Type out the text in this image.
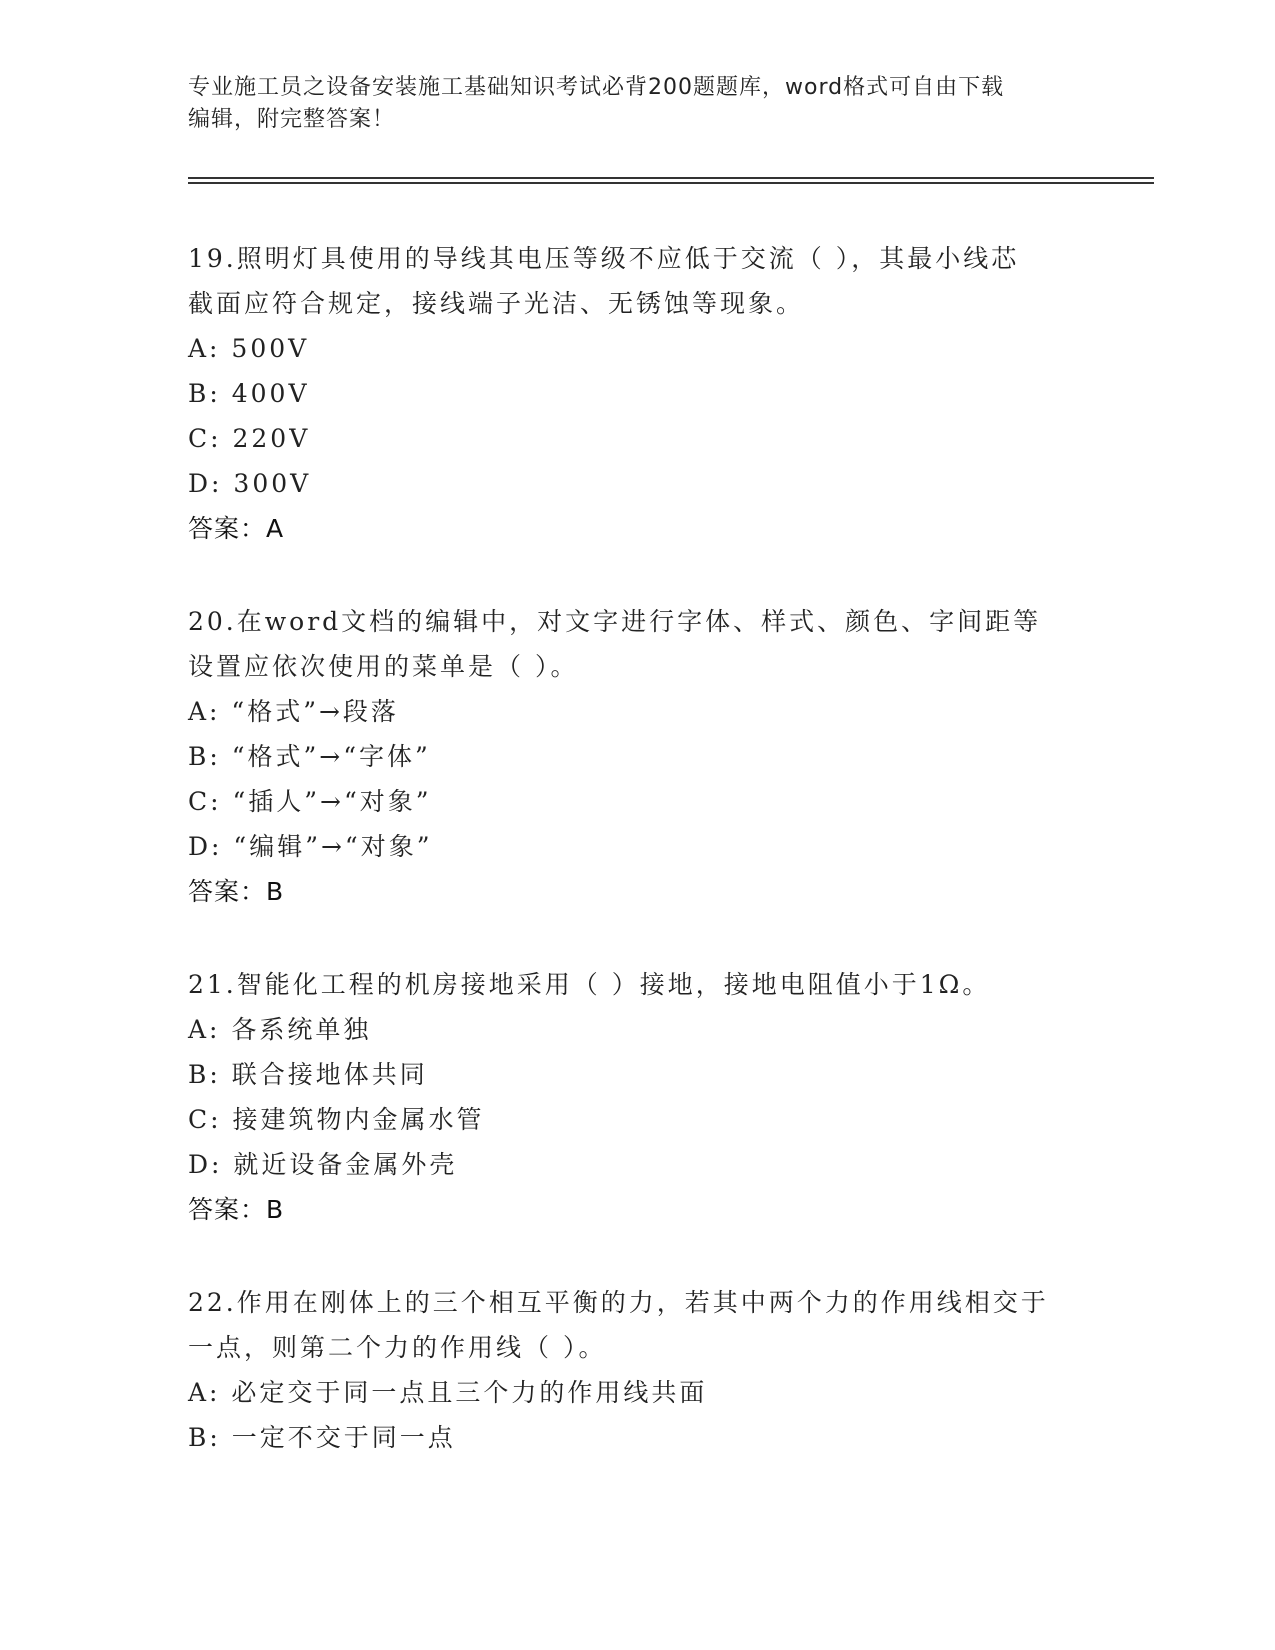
专业施工员之设备安装施工基础知识考试必背200题题库，word格式可自由下载
编辑，附完整答案！
19.照明灯具使用的导线其电压等级不应低于交流（ ），其最小线芯
截面应符合规定，接线端子光洁、无锈蚀等现象。
A: 500V
B: 400V
C: 220V
D: 300V
答案：A
20.在word文档的编辑中，对文字进行字体、样式、颜色、字间距等
设置应依次使用的菜单是（ ）。
A: “格式”→段落
B: “格式”→“字体”
C: “插人”→“对象”
D: “编辑”→“对象”
答案：B
21.智能化工程的机房接地采用（ ）接地，接地电阻值小于1Ω。
A: 各系统单独
B: 联合接地体共同
C: 接建筑物内金属水管
D: 就近设备金属外壳
答案：B
22.作用在刚体上的三个相互平衡的力，若其中两个力的作用线相交于
一点，则第二个力的作用线（ ）。
A: 必定交于同一点且三个力的作用线共面
B: 一定不交于同一点
